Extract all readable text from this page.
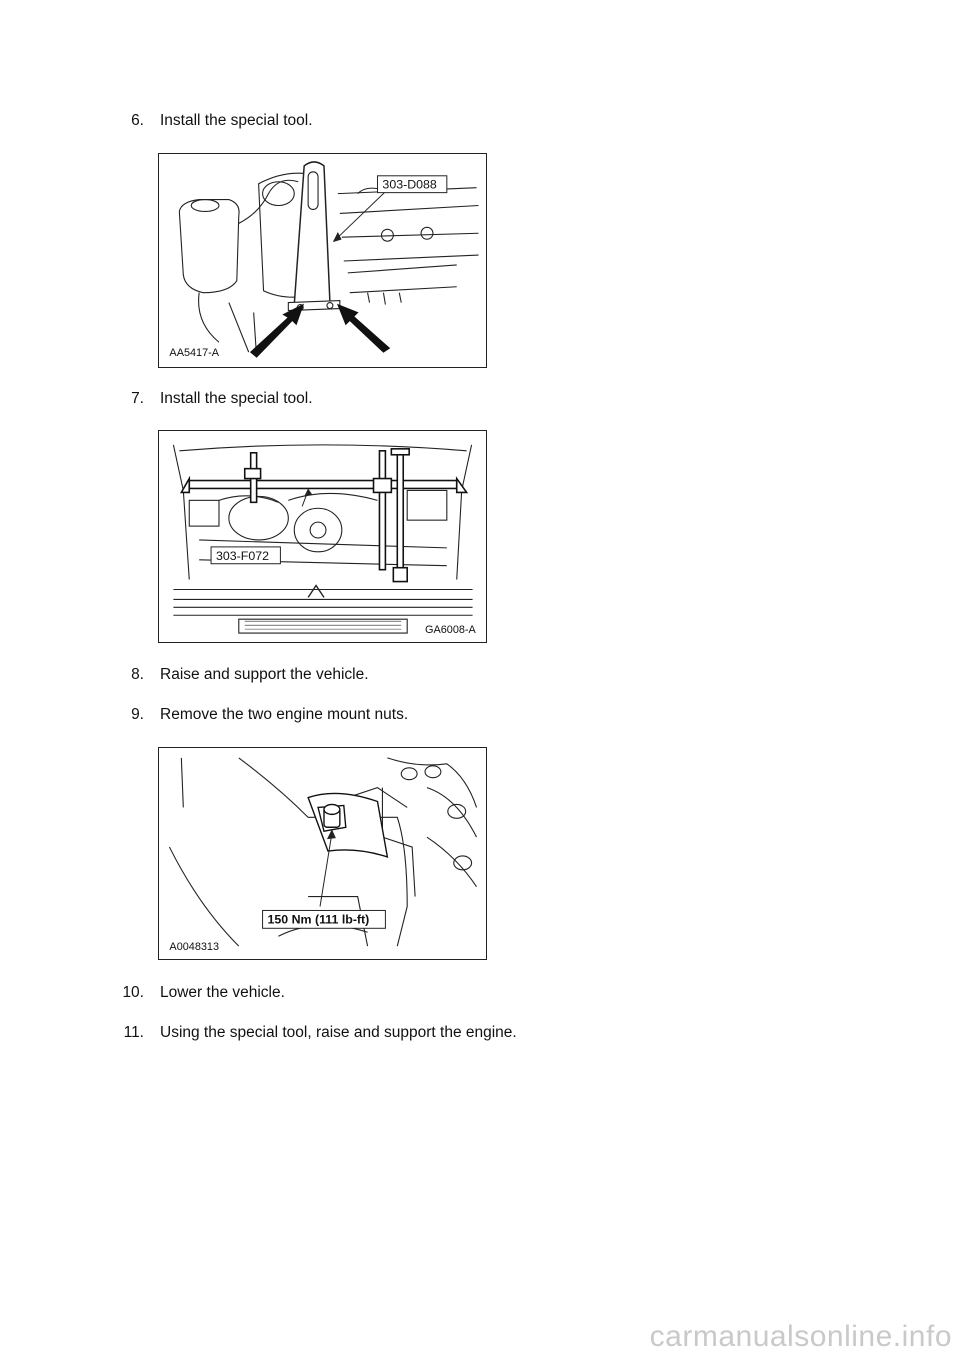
6. Install the special tool.
303-D088
AA5417-A
7. Install the special tool.
303-F072
GA6008-A
8. Raise and support the vehicle.
9. Remove the two engine mount nuts.
150 Nm (111 lb-ft)
A0048313
10. Lower the vehicle.
11. Using the special tool, raise and support the engine.
carmanualsonline.info
